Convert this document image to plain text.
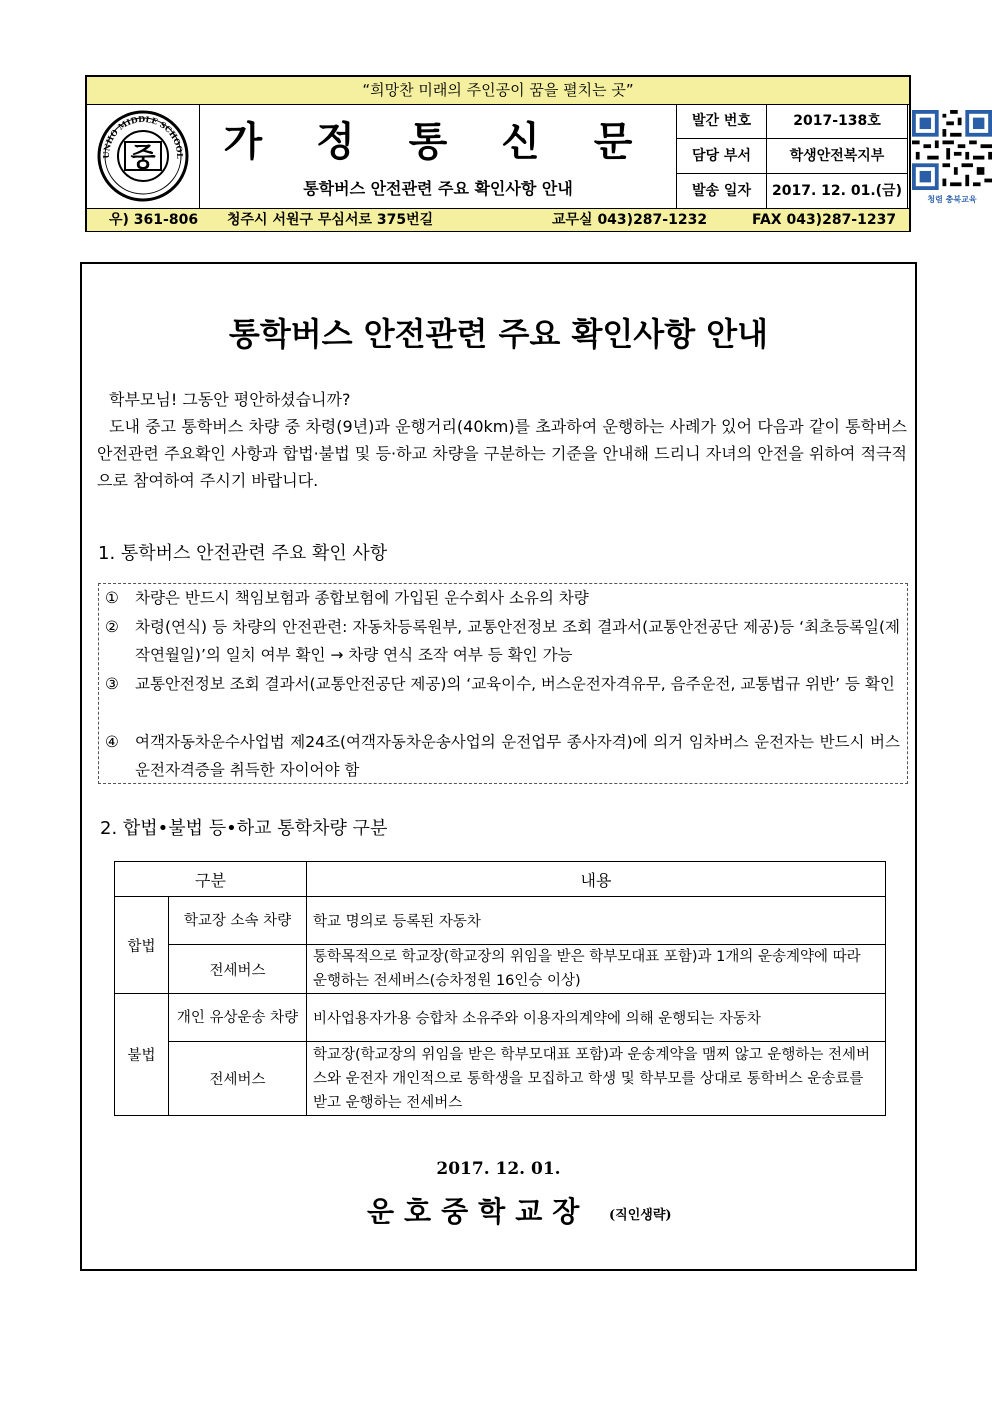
“희망찬 미래의 주인공이 꿈을 펼치는 곳”
UNHO MIDDLE SCHOOL
중	가 정 통 신 문
통학버스 안전관련 주요 확인사항 안내
발간 번호	2017-138호
담당 부서	학생안전복지부
발송 일자	2017. 12. 01.(금)
청렴 충북교육
우) 361-806 청주시 서원구 무심서로 375번길	교무실 043)287-1232	FAX 043)287-1237
통학버스 안전관련 주요 확인사항 안내

학부모님! 그동안 평안하셨습니까?

도내 중고 통학버스 차량 중 차령(9년)과 운행거리(40km)를 초과하여 운행하는 사례가 있어 다음과 같이 통학버스 안전관련 주요확인 사항과 합법·불법 및 등·하교 차량을 구분하는 기준을 안내해 드리니 자녀의 안전을 위하여 적극적으로 참여하여 주시기 바랍니다.

1. 통학버스 안전관련 주요 확인 사항
①	차량은 반드시 책임보험과 종합보험에 가입된 운수회사 소유의 차량
②	차령(연식) 등 차량의 안전관련: 자동차등록원부, 교통안전정보 조회 결과서(교통안전공단 제공)등 ‘최초등록일(제작연월일)’의 일치 여부 확인 → 차량 연식 조작 여부 등 확인 가능
③	교통안전정보 조회 결과서(교통안전공단 제공)의 ‘교육이수, 버스운전자격유무, 음주운전, 교통법규 위반’ 등 확인
④	여객자동차운수사업법 제24조(여객자동차운송사업의 운전업무 종사자격)에 의거 임차버스 운전자는 반드시 버스운전자격증을 취득한 자이어야 함
2. 합법•불법 등•하교 통학차량 구분
구분		내용
합법	학교장 소속 차량	학교 명의로 등록된 자동차
	전세버스	통학목적으로 학교장(학교장의 위임을 받은 학부모대표 포함)과 1개의 운송계약에 따라 운행하는 전세버스(승차정원 16인승 이상)
불법	개인 유상운송 차량	비사업용자가용 승합차 소유주와 이용자의계약에 의해 운행되는 자동차
	전세버스	학교장(학교장의 위임을 받은 학부모대표 포함)과 운송계약을 맴찌 않고 운행하는 전세버스와 운전자 개인적으로 통학생을 모집하고 학생 및 학부모를 상대로 통학버스 운송료를 받고 운행하는 전세버스
2017. 12. 01.
운호중학교장 (직인생략)
